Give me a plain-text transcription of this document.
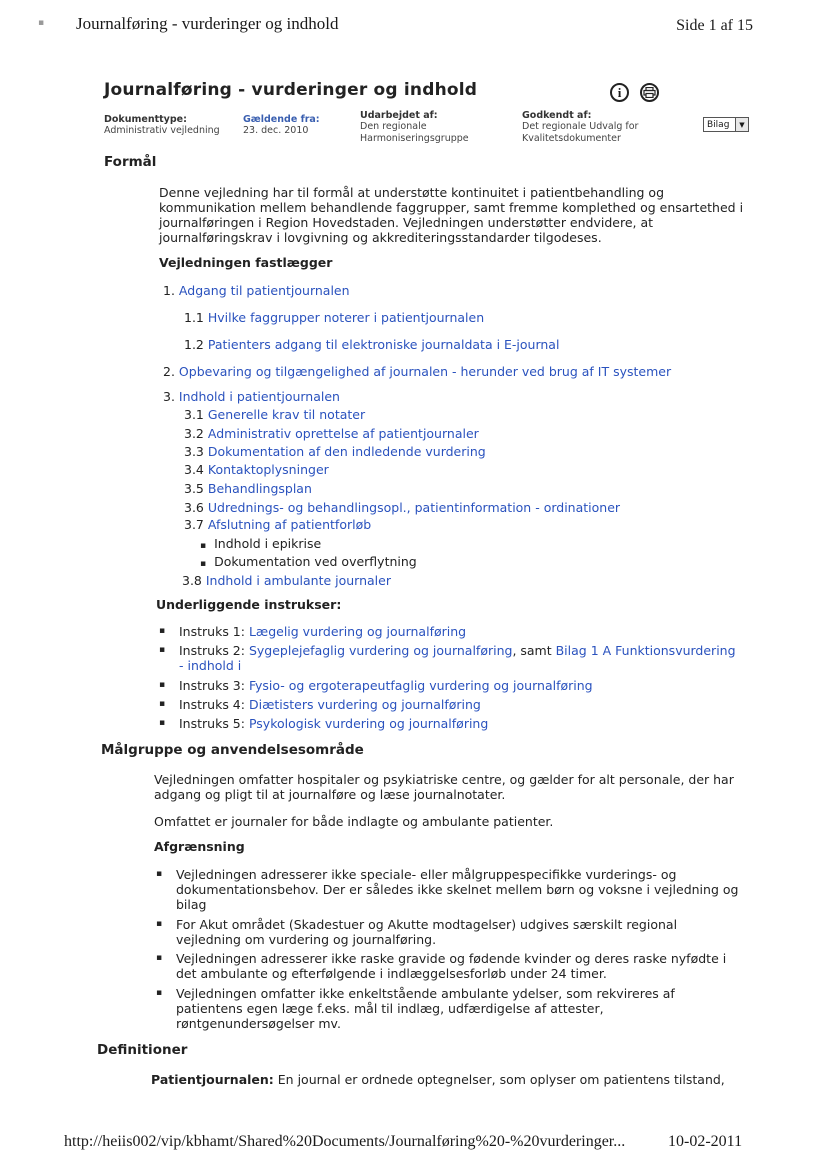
▪ Journalføring - vurderinger og indhold	Side 1 af 15
Journalføring - vurderinger og indhold	i
Dokumenttype:
Administrativ vejledning
Gældende fra:
23. dec. 2010
Udarbejdet af:
Den regionale
Harmoniseringsgruppe
Godkendt af:
Det regionale Udvalg for
Kvalitetsdokumenter
Bilag	▼
Formål
Denne vejledning har til formål at understøtte kontinuitet i patientbehandling og
kommunikation mellem behandlende faggrupper, samt fremme komplethed og ensartethed i
journalføringen i Region Hovedstaden. Vejledningen understøtter endvidere, at
journalføringskrav i lovgivning og akkrediteringsstandarder tilgodeses.
Vejledningen fastlægger
1. Adgang til patientjournalen
1.1 Hvilke faggrupper noterer i patientjournalen
1.2 Patienters adgang til elektroniske journaldata i E-journal
2. Opbevaring og tilgængelighed af journalen - herunder ved brug af IT systemer
3. Indhold i patientjournalen
3.1 Generelle krav til notater
3.2 Administrativ oprettelse af patientjournaler
3.3 Dokumentation af den indledende vurdering
3.4 Kontaktoplysninger
3.5 Behandlingsplan
3.6 Udrednings- og behandlingsopl., patientinformation - ordinationer
3.7 Afslutning af patientforløb
▪ Indhold i epikrise
▪ Dokumentation ved overflytning
3.8 Indhold i ambulante journaler
Underliggende instrukser:
▪ Instruks 1: Lægelig vurdering og journalføring
▪ Instruks 2: Sygeplejefaglig vurdering og journalføring, samt Bilag 1 A Funktionsvurdering
- indhold i
▪ Instruks 3: Fysio- og ergoterapeutfaglig vurdering og journalføring
▪ Instruks 4: Diætisters vurdering og journalføring
▪ Instruks 5: Psykologisk vurdering og journalføring
Målgruppe og anvendelsesområde
Vejledningen omfatter hospitaler og psykiatriske centre, og gælder for alt personale, der har
adgang og pligt til at journalføre og læse journalnotater.
Omfattet er journaler for både indlagte og ambulante patienter.
Afgrænsning
▪ Vejledningen adresserer ikke speciale- eller målgruppespecifikke vurderings- og
dokumentationsbehov. Der er således ikke skelnet mellem børn og voksne i vejledning og
bilag
▪ For Akut området (Skadestuer og Akutte modtagelser) udgives særskilt regional
vejledning om vurdering og journalføring.
▪ Vejledningen adresserer ikke raske gravide og fødende kvinder og deres raske nyfødte i
det ambulante og efterfølgende i indlæggelsesforløb under 24 timer.
▪ Vejledningen omfatter ikke enkeltstående ambulante ydelser, som rekvireres af
patientens egen læge f.eks. mål til indlæg, udfærdigelse af attester,
røntgenundersøgelser mv.
Definitioner
Patientjournalen: En journal er ordnede optegnelser, som oplyser om patientens tilstand,
http://heiis002/vip/kbhamt/Shared%20Documents/Journalføring%20-%20vurderinger...	10-02-2011
